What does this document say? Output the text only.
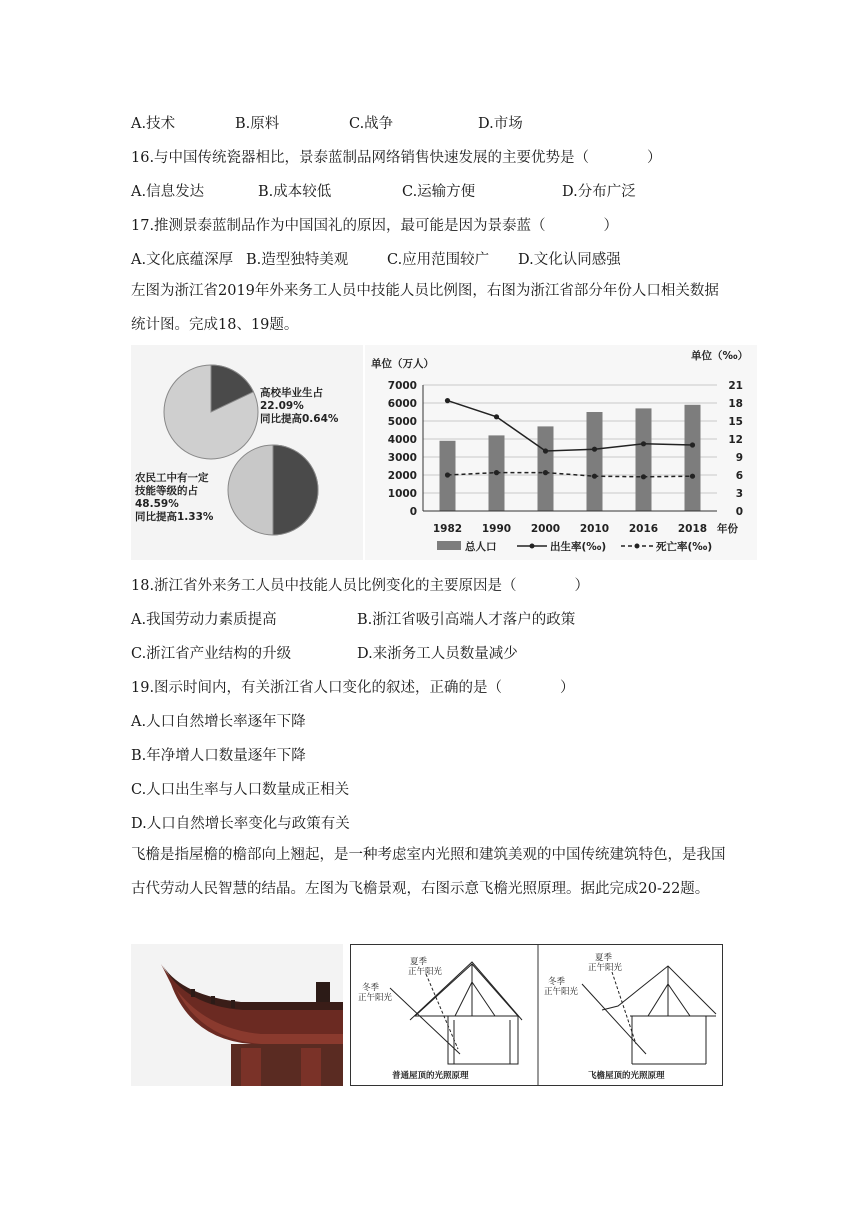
A.技术	B.原料	C.战争	D.市场
16.与中国传统瓷器相比，景泰蓝制品网络销售快速发展的主要优势是（　　　　）
A.信息发达	B.成本较低	C.运输方便	D.分布广泛
17.推测景泰蓝制品作为中国国礼的原因，最可能是因为景泰蓝（　　　　）
A.文化底蕴深厚 B.造型独特美观	C.应用范围较广 D.文化认同感强
左图为浙江省2019年外来务工人员中技能人员比例图，右图为浙江省部分年份人口相关数据统计图。完成18、19题。
高校毕业生占
22.09%
同比提高0.64%
农民工中有一定
技能等级的占
48.59%
同比提高1.33%
单位（万人）
单位（‰）
年份
7000
6000
5000
4000
3000
2000
1000
0
21
18
15
12
9
6
3
0
1982 1990 2000 2010 2016 2018
总人口	出生率(‰)	死亡率(‰)
18.浙江省外来务工人员中技能人员比例变化的主要原因是（　　　　）
A.我国劳动力素质提高	B.浙江省吸引高端人才落户的政策
C.浙江省产业结构的升级	D.来浙务工人员数量减少
19.图示时间内，有关浙江省人口变化的叙述，正确的是（　　　　）
A.人口自然增长率逐年下降
B.年净增人口数量逐年下降
C.人口出生率与人口数量成正相关
D.人口自然增长率变化与政策有关
飞檐是指屋檐的檐部向上翘起，是一种考虑室内光照和建筑美观的中国传统建筑特色，是我国古代劳动人民智慧的结晶。左图为飞檐景观，右图示意飞檐光照原理。据此完成20-22题。
夏季
正午阳光
冬季
正午阳光
普通屋顶的光照原理
夏季
正午阳光
冬季
正午阳光
飞檐屋顶的光照原理
